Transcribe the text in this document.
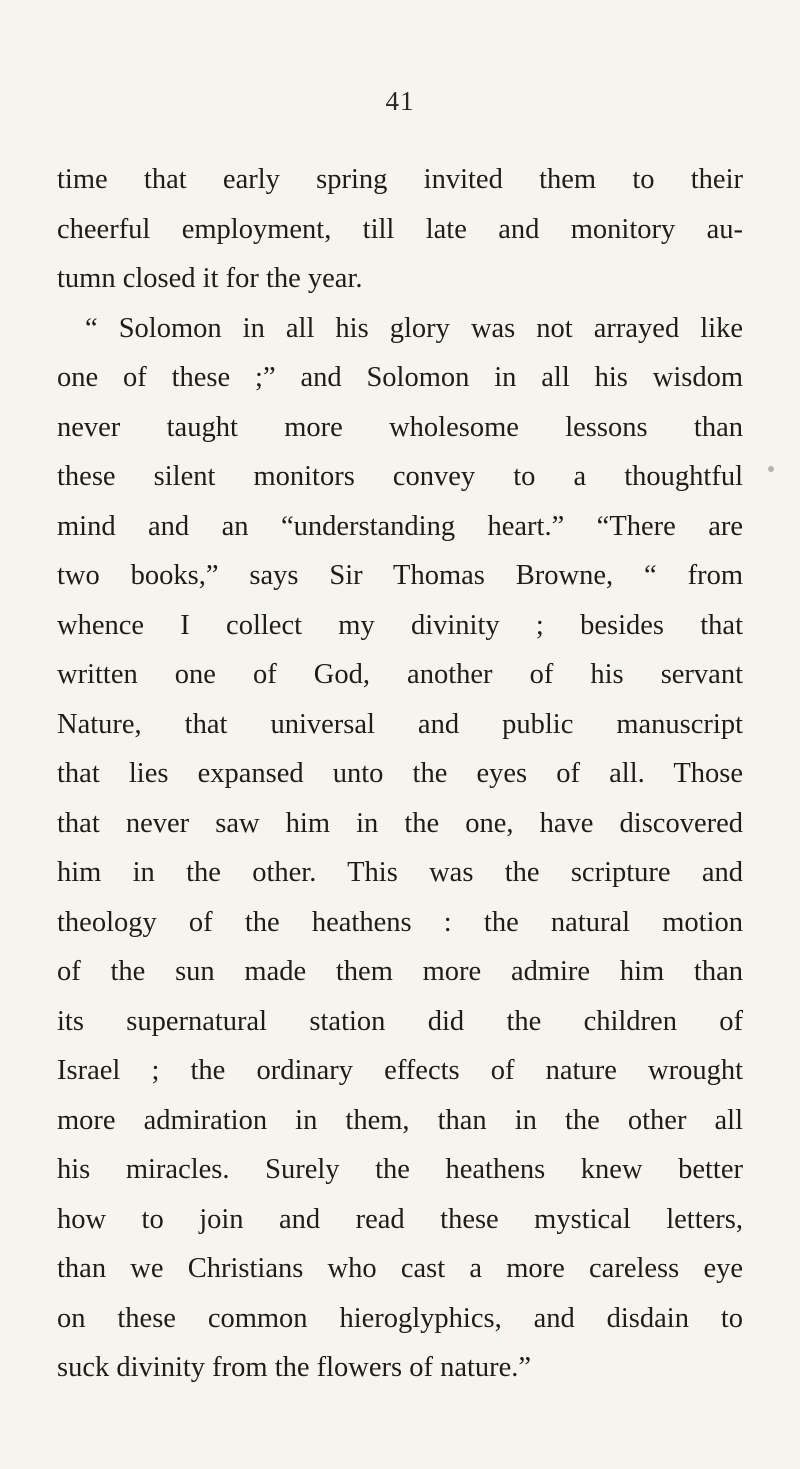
41
time that early spring invited them to their
cheerful employment, till late and monitory au-
tumn closed it for the year.
“ Solomon in all his glory was not arrayed like
one of these ;” and Solomon in all his wisdom
never taught more wholesome lessons than
these silent monitors convey to a thoughtful
mind and an “understanding heart.” “There are
two books,” says Sir Thomas Browne, “ from
whence I collect my divinity ; besides that
written one of God, another of his servant
Nature, that universal and public manuscript
that lies expansed unto the eyes of all. Those
that never saw him in the one, have discovered
him in the other. This was the scripture and
theology of the heathens : the natural motion
of the sun made them more admire him than
its supernatural station did the children of
Israel ; the ordinary effects of nature wrought
more admiration in them, than in the other all
his miracles. Surely the heathens knew better
how to join and read these mystical letters,
than we Christians who cast a more careless eye
on these common hieroglyphics, and disdain to
suck divinity from the flowers of nature.”
